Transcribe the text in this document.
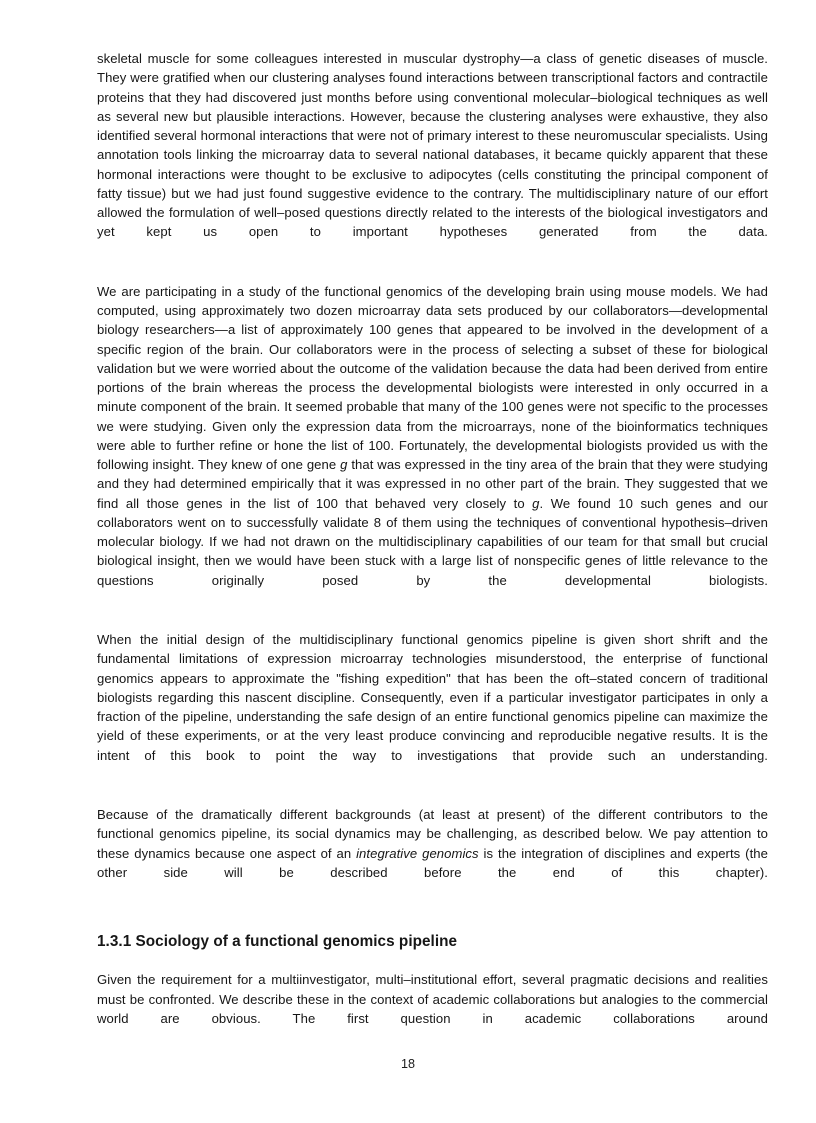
skeletal muscle for some colleagues interested in muscular dystrophy—a class of genetic diseases of muscle. They were gratified when our clustering analyses found interactions between transcriptional factors and contractile proteins that they had discovered just months before using conventional molecular–biological techniques as well as several new but plausible interactions. However, because the clustering analyses were exhaustive, they also identified several hormonal interactions that were not of primary interest to these neuromuscular specialists. Using annotation tools linking the microarray data to several national databases, it became quickly apparent that these hormonal interactions were thought to be exclusive to adipocytes (cells constituting the principal component of fatty tissue) but we had just found suggestive evidence to the contrary. The multidisciplinary nature of our effort allowed the formulation of well–posed questions directly related to the interests of the biological investigators and yet kept us open to important hypotheses generated from the data.

We are participating in a study of the functional genomics of the developing brain using mouse models. We had computed, using approximately two dozen microarray data sets produced by our collaborators—developmental biology researchers—a list of approximately 100 genes that appeared to be involved in the development of a specific region of the brain. Our collaborators were in the process of selecting a subset of these for biological validation but we were worried about the outcome of the validation because the data had been derived from entire portions of the brain whereas the process the developmental biologists were interested in only occurred in a minute component of the brain. It seemed probable that many of the 100 genes were not specific to the processes we were studying. Given only the expression data from the microarrays, none of the bioinformatics techniques were able to further refine or hone the list of 100. Fortunately, the developmental biologists provided us with the following insight. They knew of one gene g that was expressed in the tiny area of the brain that they were studying and they had determined empirically that it was expressed in no other part of the brain. They suggested that we find all those genes in the list of 100 that behaved very closely to g. We found 10 such genes and our collaborators went on to successfully validate 8 of them using the techniques of conventional hypothesis–driven molecular biology. If we had not drawn on the multidisciplinary capabilities of our team for that small but crucial biological insight, then we would have been stuck with a large list of nonspecific genes of little relevance to the questions originally posed by the developmental biologists.

When the initial design of the multidisciplinary functional genomics pipeline is given short shrift and the fundamental limitations of expression microarray technologies misunderstood, the enterprise of functional genomics appears to approximate the "fishing expedition" that has been the oft–stated concern of traditional biologists regarding this nascent discipline. Consequently, even if a particular investigator participates in only a fraction of the pipeline, understanding the safe design of an entire functional genomics pipeline can maximize the yield of these experiments, or at the very least produce convincing and reproducible negative results. It is the intent of this book to point the way to investigations that provide such an understanding.

Because of the dramatically different backgrounds (at least at present) of the different contributors to the functional genomics pipeline, its social dynamics may be challenging, as described below. We pay attention to these dynamics because one aspect of an integrative genomics is the integration of disciplines and experts (the other side will be described before the end of this chapter).

1.3.1 Sociology of a functional genomics pipeline

Given the requirement for a multiinvestigator, multi–institutional effort, several pragmatic decisions and realities must be confronted. We describe these in the context of academic collaborations but analogies to the commercial world are obvious. The first question in academic collaborations around

18
